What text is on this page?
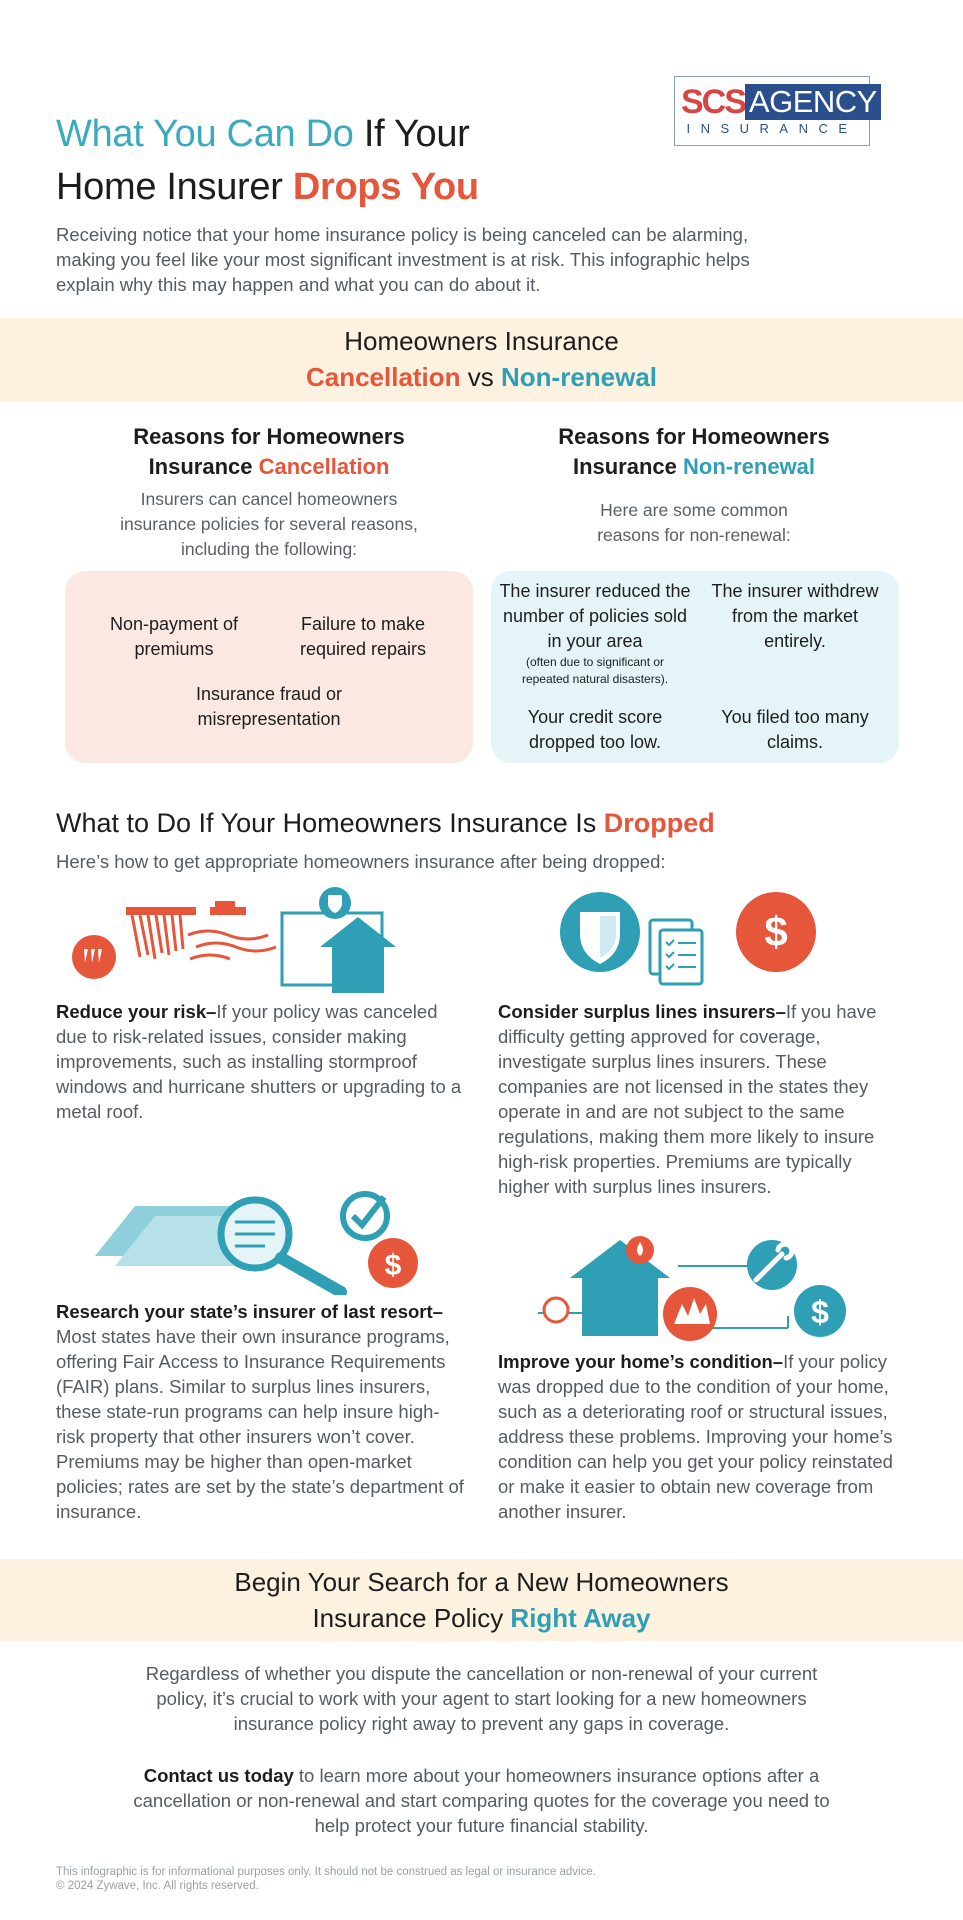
SCS AGENCY
INSURANCE
What You Can Do If Your
Home Insurer Drops You

Receiving notice that your home insurance policy is being canceled can be alarming, making you feel like your most significant investment is at risk. This infographic helps explain why this may happen and what you can do about it.

Homeowners Insurance
Cancellation vs Non-renewal
Reasons for Homeowners
Insurance Cancellation

Insurers can cancel homeowners insurance policies for several reasons, including the following:

Reasons for Homeowners
Insurance Non-renewal

Here are some common reasons for non-renewal:

Non-payment of premiums
Failure to make required repairs
Insurance fraud or misrepresentation
The insurer reduced the number of policies sold in your area
(often due to significant or repeated natural disasters).
The insurer withdrew from the market entirely.
Your credit score dropped too low.
You filed too many claims.
What to Do If Your Homeowners Insurance Is Dropped

Here’s how to get appropriate homeowners insurance after being dropped:

$

Reduce your risk–If your policy was canceled due to risk-related issues, consider making improvements, such as installing stormproof windows and hurricane shutters or upgrading to a metal roof.

Consider surplus lines insurers–If you have difficulty getting approved for coverage, investigate surplus lines insurers. These companies are not licensed in the states they operate in and are not subject to the same regulations, making them more likely to insure high-risk properties. Premiums are typically higher with surplus lines insurers.

$
$

Research your state’s insurer of last resort–Most states have their own insurance programs, offering Fair Access to Insurance Requirements (FAIR) plans. Similar to surplus lines insurers, these state-run programs can help insure high-risk property that other insurers won’t cover. Premiums may be higher than open-market policies; rates are set by the state’s department of insurance.

Improve your home’s condition–If your policy was dropped due to the condition of your home, such as a deteriorating roof or structural issues, address these problems. Improving your home’s condition can help you get your policy reinstated or make it easier to obtain new coverage from another insurer.

Begin Your Search for a New Homeowners
Insurance Policy Right Away

Regardless of whether you dispute the cancellation or non-renewal of your current policy, it’s crucial to work with your agent to start looking for a new homeowners insurance policy right away to prevent any gaps in coverage.

Contact us today to learn more about your homeowners insurance options after a cancellation or non-renewal and start comparing quotes for the coverage you need to help protect your future financial stability.

This infographic is for informational purposes only. It should not be construed as legal or insurance advice.
© 2024 Zywave, Inc. All rights reserved.
